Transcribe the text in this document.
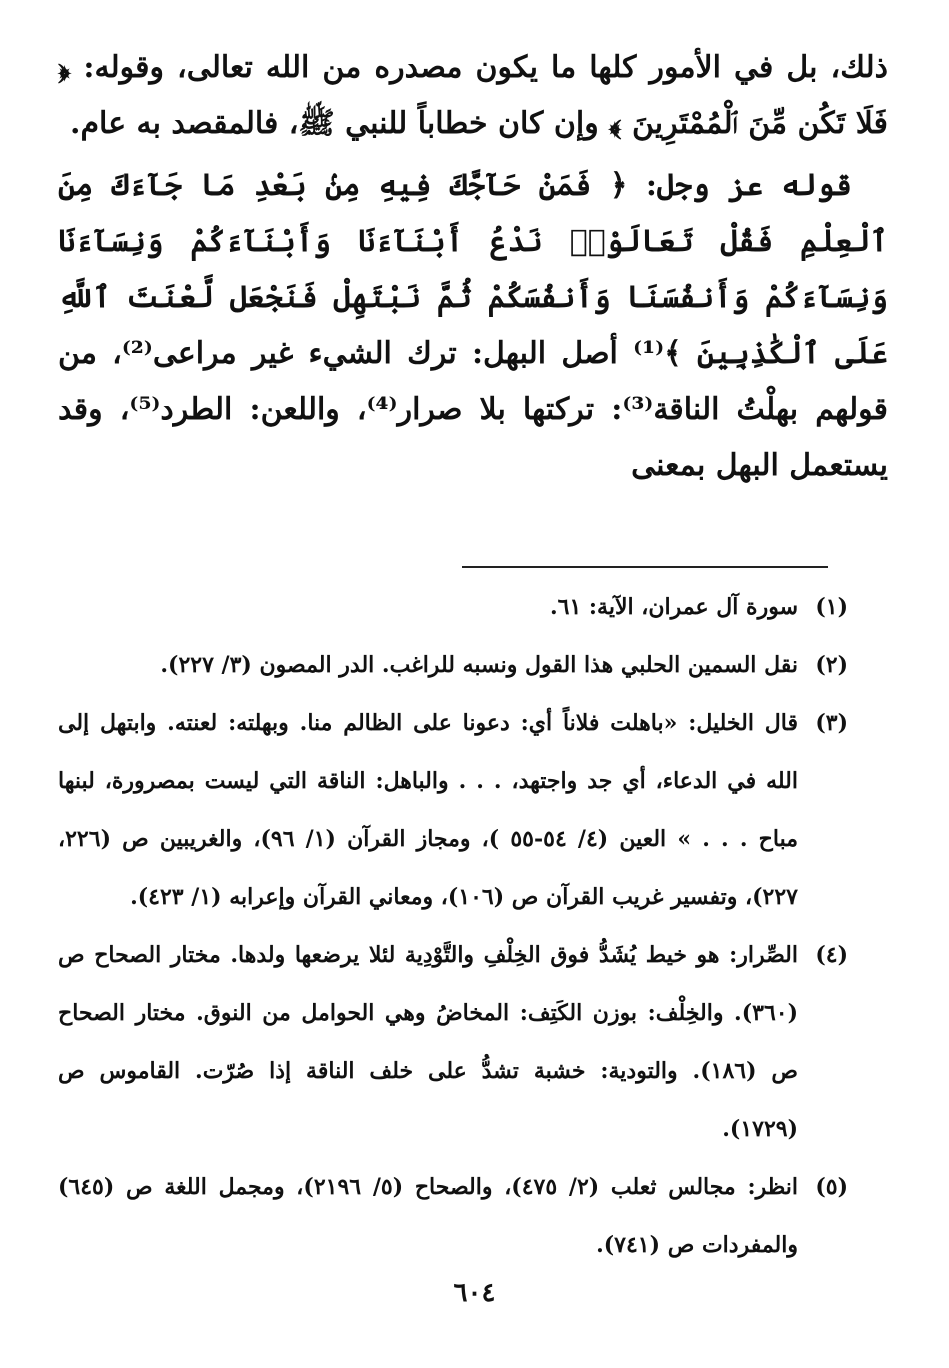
ذلك، بل في الأمور كلها ما يكون مصدره من الله تعالى، وقوله: ﴿ فَلَا تَكُن مِّنَ ٱلْمُمْتَرِينَ ﴾ وإن كان خطاباً للنبي ﷺ، فالمقصد به عام.

قوله عز وجل: ﴿ فَمَنْ حَآجَّكَ فِيهِ مِنۢ بَعْدِ مَا جَآءَكَ مِنَ ٱلْعِلْمِ فَقُلْ تَعَالَوْا۟ نَدْعُ أَبْنَآءَنَا وَأَبْنَآءَكُمْ وَنِسَآءَنَا وَنِسَآءَكُمْ وَأَنفُسَنَا وَأَنفُسَكُمْ ثُمَّ نَبْتَهِلْ فَنَجْعَل لَّعْنَتَ ٱللَّهِ عَلَى ٱلْكَٰذِبِينَ ﴾⁽¹⁾ أصل البهل: ترك الشيء غير مراعى⁽²⁾، من قولهم بهلْتُ الناقة⁽³⁾: تركتها بلا صرار⁽⁴⁾، واللعن: الطرد⁽⁵⁾، وقد يستعمل البهل بمعنى

(١)
سورة آل عمران، الآية: ٦١.
(٢)
نقل السمين الحلبي هذا القول ونسبه للراغب. الدر المصون (٣/ ٢٢٧).
(٣)
قال الخليل: «باهلت فلاناً أي: دعونا على الظالم منا. وبهلته: لعنته. وابتهل إلى الله في الدعاء، أي جد واجتهد، . . . والباهل: الناقة التي ليست بمصرورة، لبنها مباح . . . » العين (٤/ ٥٤-٥٥ )، ومجاز القرآن (١/ ٩٦)، والغريبين ص (٢٢٦، ٢٢٧)، وتفسير غريب القرآن ص (١٠٦)، ومعاني القرآن وإعرابه (١/ ٤٢٣).
(٤)
الصِّرار: هو خيط يُشَدُّ فوق الخِلْفِ والتَّوْدِية لئلا يرضعها ولدها. مختار الصحاح ص (٣٦٠). والخِلْف: بوزن الكَتِف: المخاضُ وهي الحوامل من النوق. مختار الصحاح ص (١٨٦). والتودية: خشبة تشدُّ على خلف الناقة إذا صُرّت. القاموس ص (١٧٢٩).
(٥)
انظر: مجالس ثعلب (٢/ ٤٧٥)، والصحاح (٥/ ٢١٩٦)، ومجمل اللغة ص (٦٤٥) والمفردات ص (٧٤١).
٦٠٤
